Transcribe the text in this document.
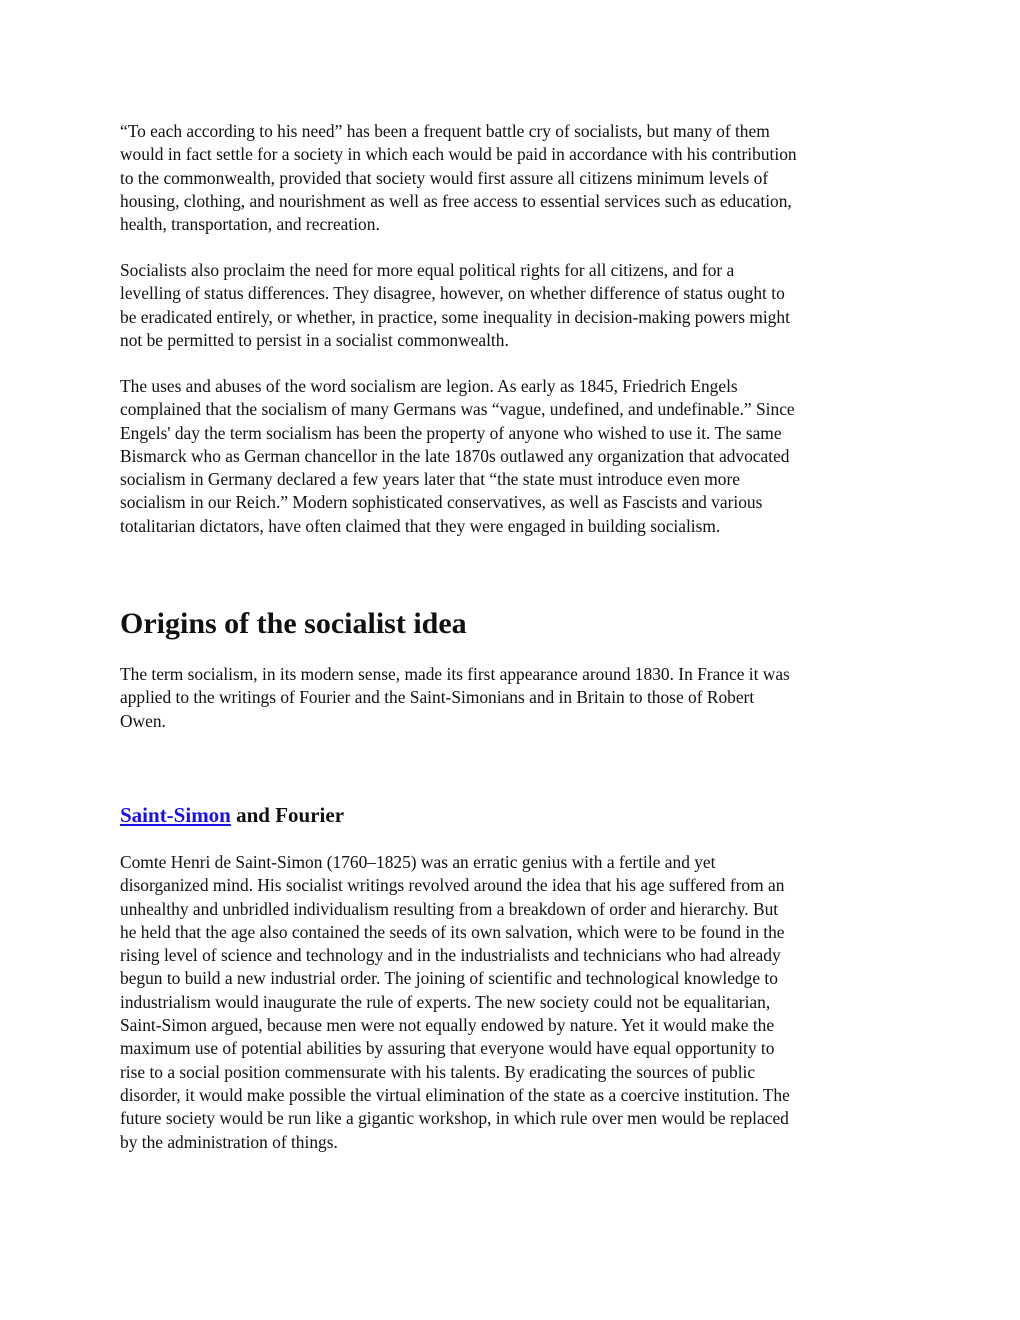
“To each according to his need” has been a frequent battle cry of socialists, but many of them
would in fact settle for a society in which each would be paid in accordance with his contribution
to the commonwealth, provided that society would first assure all citizens minimum levels of
housing, clothing, and nourishment as well as free access to essential services such as education,
health, transportation, and recreation.

Socialists also proclaim the need for more equal political rights for all citizens, and for a
levelling of status differences. They disagree, however, on whether difference of status ought to
be eradicated entirely, or whether, in practice, some inequality in decision-making powers might
not be permitted to persist in a socialist commonwealth.

The uses and abuses of the word socialism are legion. As early as 1845, Friedrich Engels
complained that the socialism of many Germans was “vague, undefined, and undefinable.” Since
Engels' day the term socialism has been the property of anyone who wished to use it. The same
Bismarck who as German chancellor in the late 1870s outlawed any organization that advocated
socialism in Germany declared a few years later that “the state must introduce even more
socialism in our Reich.” Modern sophisticated conservatives, as well as Fascists and various
totalitarian dictators, have often claimed that they were engaged in building socialism.

Origins of the socialist idea

The term socialism, in its modern sense, made its first appearance around 1830. In France it was
applied to the writings of Fourier and the Saint-Simonians and in Britain to those of Robert
Owen.

Saint-Simon and Fourier

Comte Henri de Saint-Simon (1760–1825) was an erratic genius with a fertile and yet
disorganized mind. His socialist writings revolved around the idea that his age suffered from an
unhealthy and unbridled individualism resulting from a breakdown of order and hierarchy. But
he held that the age also contained the seeds of its own salvation, which were to be found in the
rising level of science and technology and in the industrialists and technicians who had already
begun to build a new industrial order. The joining of scientific and technological knowledge to
industrialism would inaugurate the rule of experts. The new society could not be equalitarian,
Saint-Simon argued, because men were not equally endowed by nature. Yet it would make the
maximum use of potential abilities by assuring that everyone would have equal opportunity to
rise to a social position commensurate with his talents. By eradicating the sources of public
disorder, it would make possible the virtual elimination of the state as a coercive institution. The
future society would be run like a gigantic workshop, in which rule over men would be replaced
by the administration of things.
